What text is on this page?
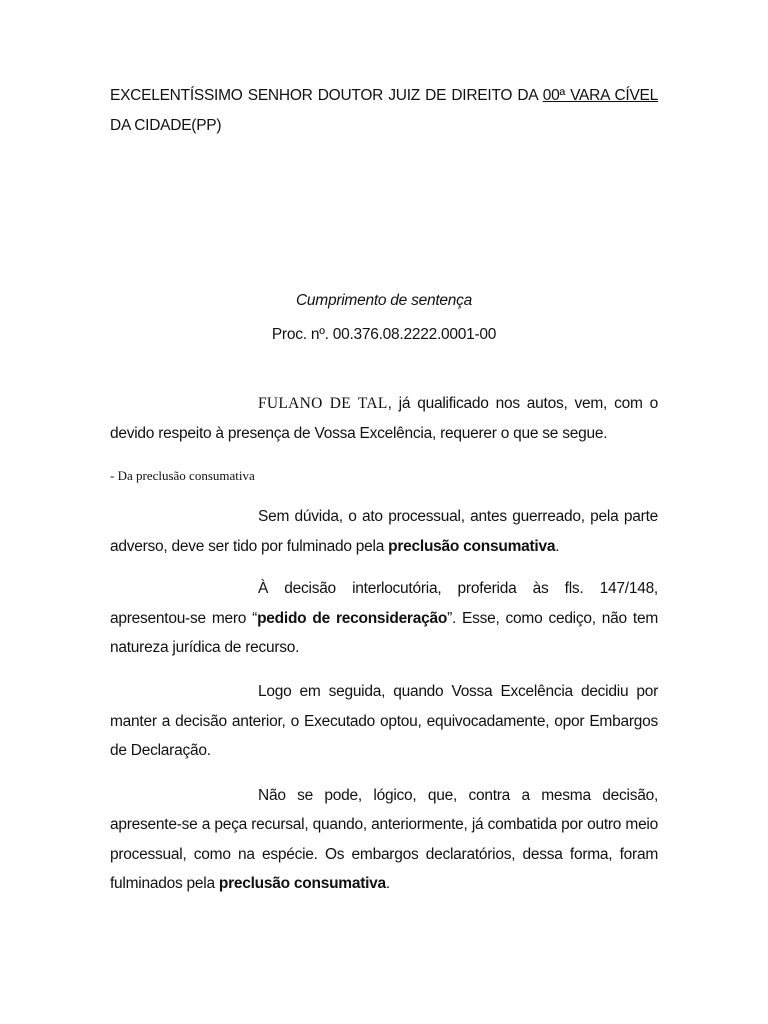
EXCELENTÍSSIMO SENHOR DOUTOR JUIZ DE DIREITO DA 00ª VARA CÍVEL
DA CIDADE(PP)
Cumprimento de sentença
Proc. nº. 00.376.08.2222.0001-00
FULANO DE TAL, já qualificado nos autos, vem, com o
devido respeito à presença de Vossa Excelência, requerer o que se segue.
- Da preclusão consumativa
Sem dúvida, o ato processual, antes guerreado, pela parte
adverso, deve ser tido por fulminado pela preclusão consumativa.
À decisão interlocutória, proferida às fls. 147/148,
apresentou-se mero “pedido de reconsideração”. Esse, como cediço, não tem
natureza jurídica de recurso.
Logo em seguida, quando Vossa Excelência decidiu por
manter a decisão anterior, o Executado optou, equivocadamente, opor Embargos
de Declaração.
Não se pode, lógico, que, contra a mesma decisão,
apresente-se a peça recursal, quando, anteriormente, já combatida por outro meio
processual, como na espécie. Os embargos declaratórios, dessa forma, foram
fulminados pela preclusão consumativa.
